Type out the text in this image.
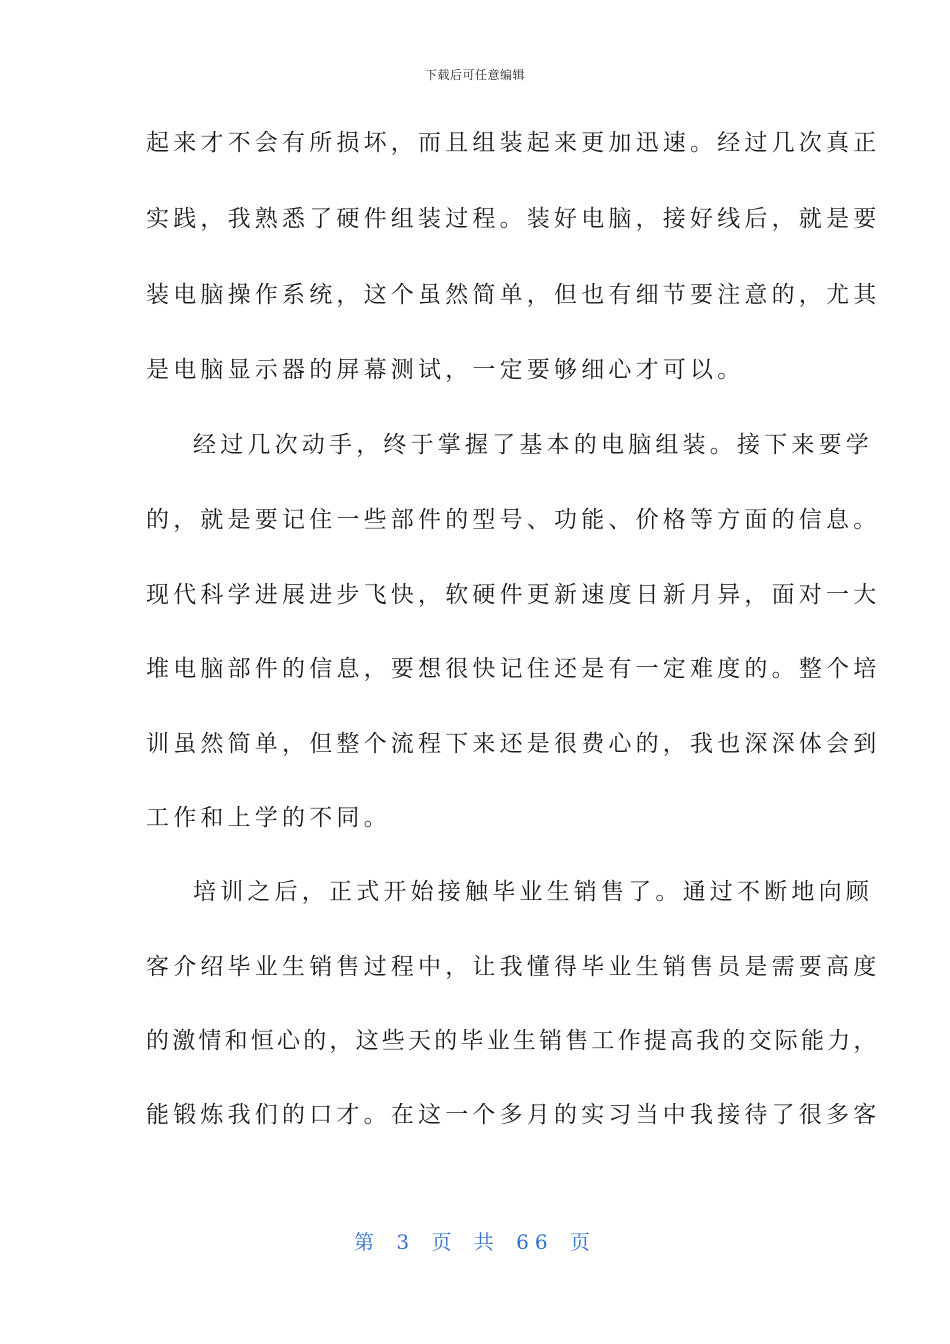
下载后可任意编辑
起来才不会有所损坏，而且组装起来更加迅速。经过几次真正
实践，我熟悉了硬件组装过程。装好电脑，接好线后，就是要
装电脑操作系统，这个虽然简单，但也有细节要注意的，尤其
是电脑显示器的屏幕测试，一定要够细心才可以。
经过几次动手，终于掌握了基本的电脑组装。接下来要学
的，就是要记住一些部件的型号、功能、价格等方面的信息。
现代科学进展进步飞快，软硬件更新速度日新月异，面对一大
堆电脑部件的信息，要想很快记住还是有一定难度的。整个培
训虽然简单，但整个流程下来还是很费心的，我也深深体会到
工作和上学的不同。
培训之后，正式开始接触毕业生销售了。通过不断地向顾
客介绍毕业生销售过程中，让我懂得毕业生销售员是需要高度
的激情和恒心的，这些天的毕业生销售工作提高我的交际能力，
能锻炼我们的口才。在这一个多月的实习当中我接待了很多客
第 3 页 共 66 页
